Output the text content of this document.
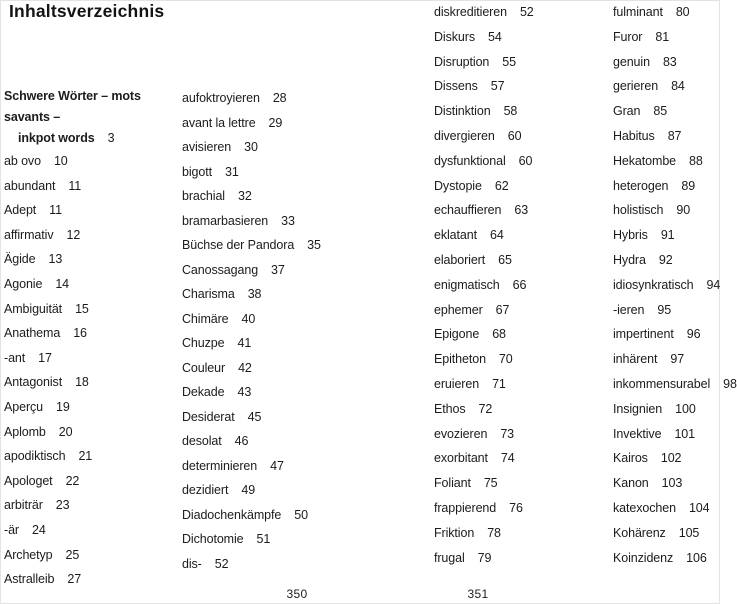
Inhaltsverzeichnis
Schwere Wörter – mots savants –
inkpot words 3
ab ovo 10
abundant 11
Adept 11
affirmativ 12
Ägide 13
Agonie 14
Ambiguität 15
Anathema 16
-ant 17
Antagonist 18
Aperçu 19
Aplomb 20
apodiktisch 21
Apologet 22
arbiträr 23
-är 24
Archetyp 25
Astralleib 27
aufoktroyieren 28
avant la lettre 29
avisieren 30
bigott 31
brachial 32
bramarbasieren 33
Büchse der Pandora 35
Canossagang 37
Charisma 38
Chimäre 40
Chuzpe 41
Couleur 42
Dekade 43
Desiderat 45
desolat 46
determinieren 47
dezidiert 49
Diadochenkämpfe 50
Dichotomie 51
dis- 52
diskreditieren 52
Diskurs 54
Disruption 55
Dissens 57
Distinktion 58
divergieren 60
dysfunktional 60
Dystopie 62
echauffieren 63
eklatant 64
elaboriert 65
enigmatisch 66
ephemer 67
Epigone 68
Epitheton 70
eruieren 71
Ethos 72
evozieren 73
exorbitant 74
Foliant 75
frappierend 76
Friktion 78
frugal 79
fulminant 80
Furor 81
genuin 83
gerieren 84
Gran 85
Habitus 87
Hekatombe 88
heterogen 89
holistisch 90
Hybris 91
Hydra 92
idiosynkratisch 94
-ieren 95
impertinent 96
inhärent 97
inkommensurabel 98
Insignien 100
Invektive 101
Kairos 102
Kanon 103
katexochen 104
Kohärenz 105
Koinzidenz 106
350	351
